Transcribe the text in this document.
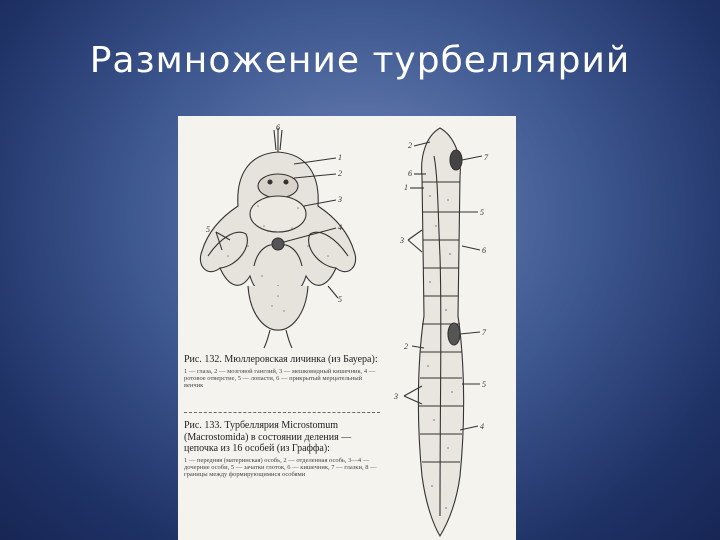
Размножение турбеллярий
1
2
3
4
5
5
6
2
6
1
7
5
3
6
7
2
5
3
4
Рис. 132. Мюллеровская личинка (из Бауера):
1 — глаза, 2 — мозговой ганглий, 3 — мешковидный кишечник, 4 — ротовое отверстие, 5 — лопасти, 6 — прикрытый мерцательный венчик
Рис. 133. Турбеллярия Microstomum (Macrostomida) в состоянии деления — цепочка из 16 особей (из Граффа):
1 — передняя (материнская) особь, 2 — отделенная особь, 3—4 — дочерние особи, 5 — зачатки глоток, 6 — кишечник, 7 — глазки, 8 — границы между формирующимися особями
